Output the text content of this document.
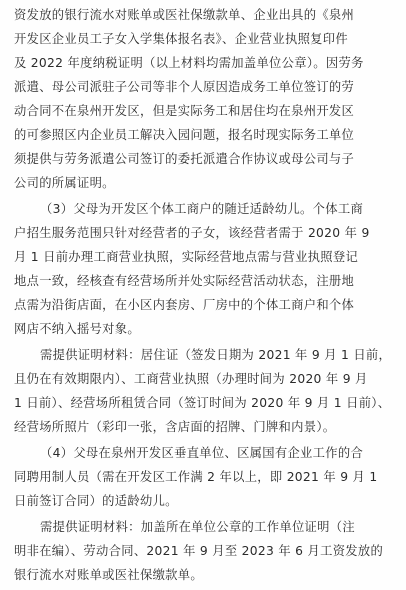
资发放的银行流水对账单或医社保缴款单、企业出具的《泉州
开发区企业员工子女入学集体报名表》、企业营业执照复印件
及 2022 年度纳税证明（以上材料均需加盖单位公章）。因劳务
派遣、母公司派驻子公司等非个人原因造成务工单位签订的劳
动合同不在泉州开发区，但是实际务工和居住均在泉州开发区
的可参照区内企业员工解决入园问题，报名时现实际务工单位
须提供与劳务派遣公司签订的委托派遣合作协议或母公司与子
公司的所属证明。
（3）父母为开发区个体工商户的随迁适龄幼儿。个体工商
户招生服务范围只针对经营者的子女，该经营者需于 2020 年 9
月 1 日前办理工商营业执照，实际经营地点需与营业执照登记
地点一致，经核查有经营场所并处实际经营活动状态，注册地
点需为沿街店面，在小区内套房、厂房中的个体工商户和个体
网店不纳入摇号对象。
需提供证明材料：居住证（签发日期为 2021 年 9 月 1 日前，
且仍在有效期限内）、工商营业执照（办理时间为 2020 年 9 月
1 日前）、经营场所租赁合同（签订时间为 2020 年 9 月 1 日前）、
经营场所照片（彩印一张，含店面的招牌、门牌和内景）。
（4）父母在泉州开发区垂直单位、区属国有企业工作的合
同聘用制人员（需在开发区工作满 2 年以上，即 2021 年 9 月 1
日前签订合同）的适龄幼儿。
需提供证明材料：加盖所在单位公章的工作单位证明（注
明非在编）、劳动合同、2021 年 9 月至 2023 年 6 月工资发放的
银行流水对账单或医社保缴款单。
